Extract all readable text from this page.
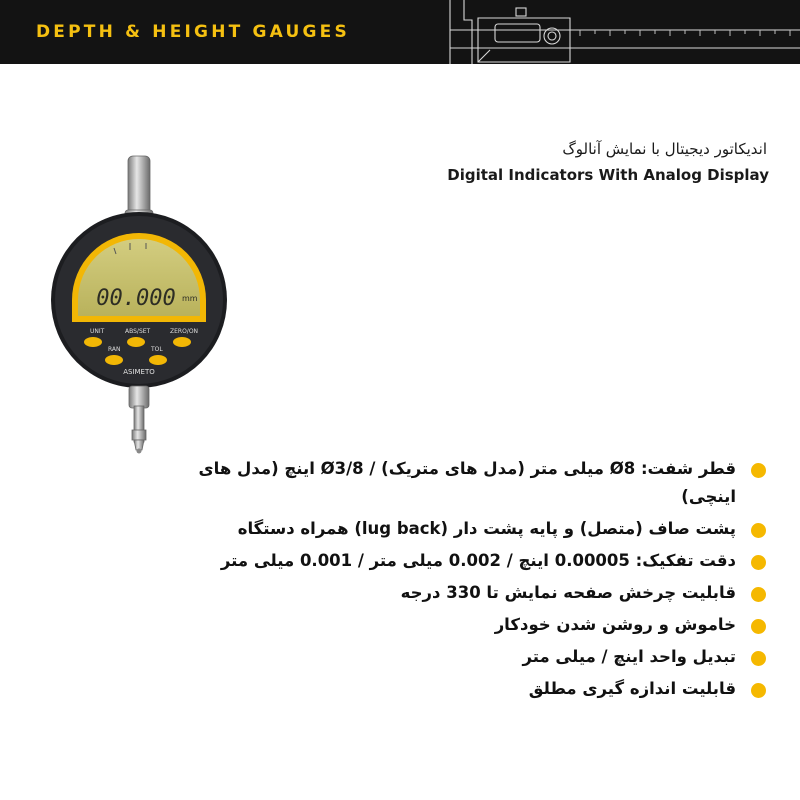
DEPTH & HEIGHT GAUGES
اندیکاتور دیجیتال با نمایش آنالوگ
Digital Indicators With Analog Display
00.000 mm
UNIT	ABS/SET	ZERO/ON
RAN	TOL
ASIMETO
قطر شفت: Ø8 میلی متر (مدل های متریک) / Ø3/8 اینچ (مدل های اینچی)
پشت صاف (متصل) و پایه پشت دار (lug back) همراه دستگاه
دقت تفکیک: 0.00005 اینچ / 0.002 میلی متر / 0.001 میلی متر
قابلیت چرخش صفحه نمایش تا 330 درجه
خاموش و روشن شدن خودکار
تبدیل واحد اینچ / میلی متر
قابلیت اندازه گیری مطلق
